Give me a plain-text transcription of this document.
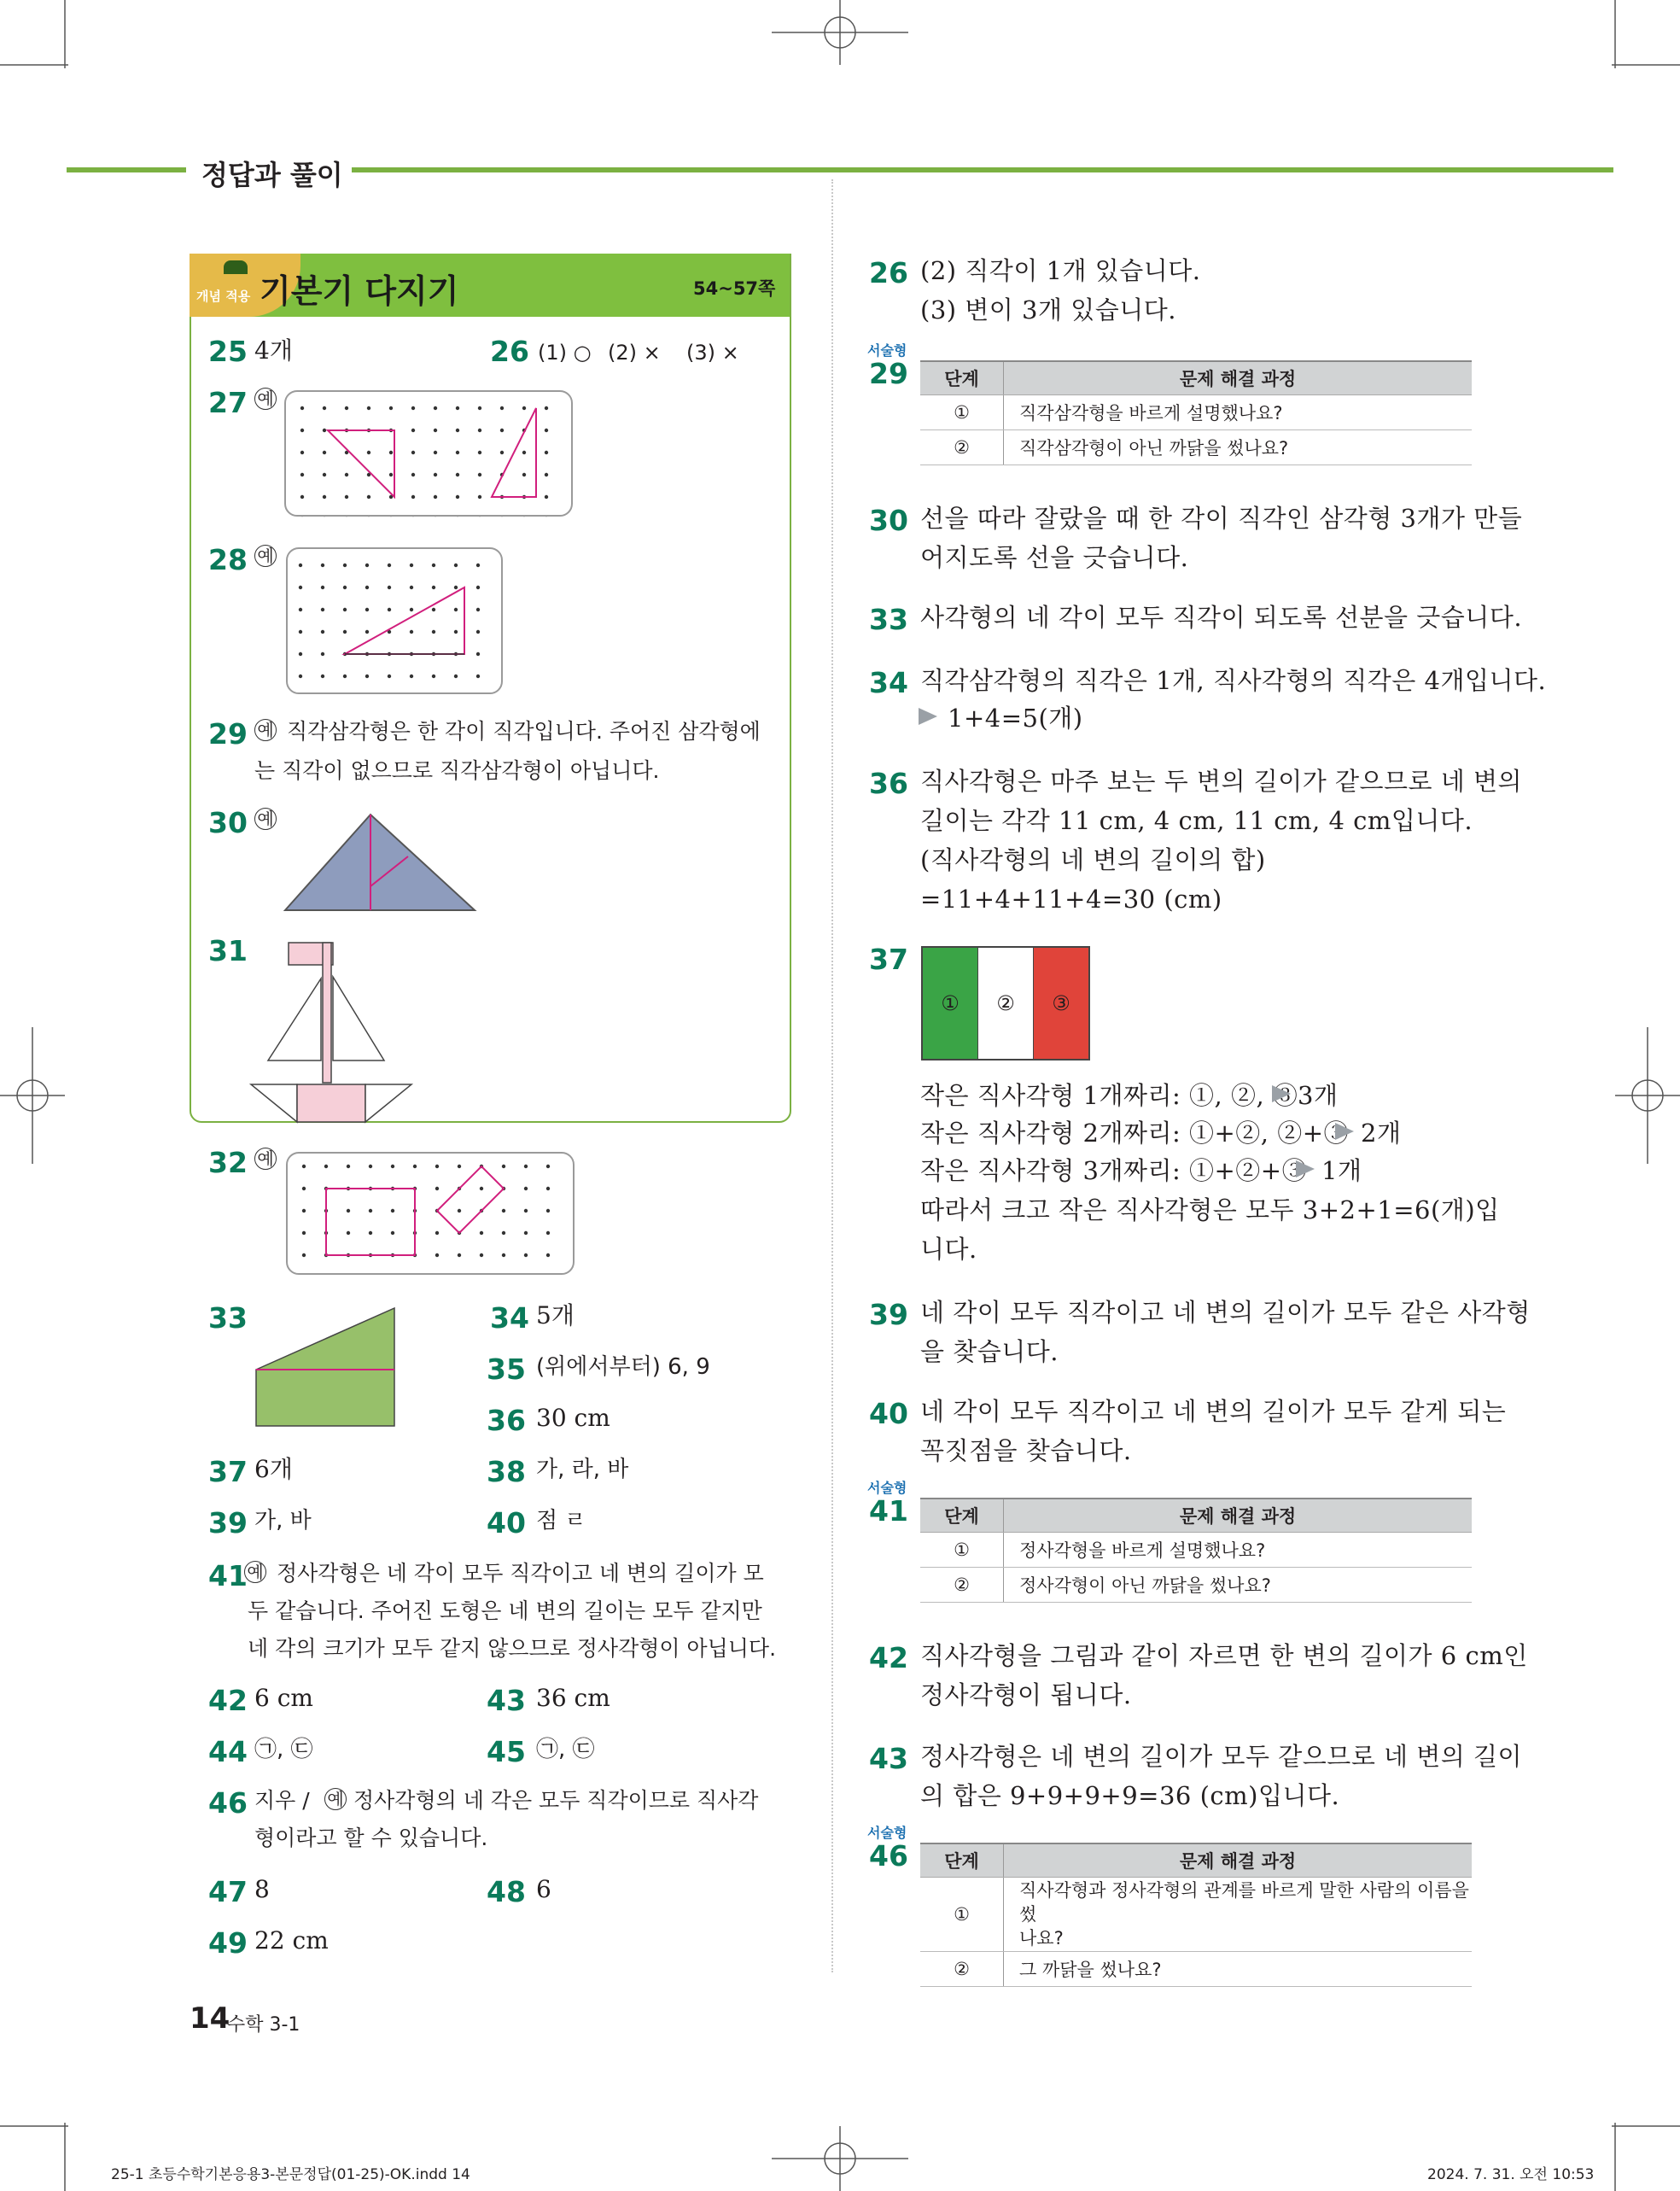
정답과 풀이
개념 적용 기본기 다지기	54~57쪽
25 4개	26 (1) ○ (2) × (3) ×
27 예
28 예
29 예 직각삼각형은 한 각이 직각입니다. 주어진 삼각형에
는 직각이 없으므로 직각삼각형이 아닙니다.
30 예
31
32 예
33	34 5개
35 (위에서부터) 6, 9
36 30 cm
37 6개	38 가, 라, 바
39 가, 바	40 점 ㄹ
41 예 정사각형은 네 각이 모두 직각이고 네 변의 길이가 모
두 같습니다. 주어진 도형은 네 변의 길이는 모두 같지만
네 각의 크기가 모두 같지 않으므로 정사각형이 아닙니다.
42 6 cm	43 36 cm
44 ㉠, ㉢	45 ㉠, ㉢
46 지우 / 예 정사각형의 네 각은 모두 직각이므로 직사각
형이라고 할 수 있습니다.
47 8	48 6
49 22 cm
26 (2) 직각이 1개 있습니다.
(3) 변이 3개 있습니다.
서술형
29 단계	문제 해결 과정
①	직각삼각형을 바르게 설명했나요?
②	직각삼각형이 아닌 까닭을 썼나요?
30 선을 따라 잘랐을 때 한 각이 직각인 삼각형 3개가 만들
어지도록 선을 긋습니다.
33 사각형의 네 각이 모두 직각이 되도록 선분을 긋습니다.
34 직각삼각형의 직각은 1개, 직사각형의 직각은 4개입니다.
1+4=5(개)
36 직사각형은 마주 보는 두 변의 길이가 같으므로 네 변의
길이는 각각 11 cm, 4 cm, 11 cm, 4 cm입니다.
(직사각형의 네 변의 길이의 합)
=11+4+11+4=30 (cm)
37
①	②	③
작은 직사각형 1개짜리: ①, ②, ③ 3개
작은 직사각형 2개짜리: ①+②, ②+③ 2개
작은 직사각형 3개짜리: ①+②+③ 1개
따라서 크고 작은 직사각형은 모두 3+2+1=6(개)입
니다.
39 네 각이 모두 직각이고 네 변의 길이가 모두 같은 사각형
을 찾습니다.
40 네 각이 모두 직각이고 네 변의 길이가 모두 같게 되는
꼭짓점을 찾습니다.
서술형
41 단계	문제 해결 과정
①	정사각형을 바르게 설명했나요?
②	정사각형이 아닌 까닭을 썼나요?
42 직사각형을 그림과 같이 자르면 한 변의 길이가 6 cm인
정사각형이 됩니다.
43 정사각형은 네 변의 길이가 모두 같으므로 네 변의 길이
의 합은 9+9+9+9=36 (cm)입니다.
서술형
46 단계	문제 해결 과정
①	직사각형과 정사각형의 관계를 바르게 말한 사람의 이름을 썼
나요?
②	그 까닭을 썼나요?
14
수학 3-1
25-1 초등수학기본응용3-본문정답(01-25)-OK.indd 14	2024. 7. 31. 오전 10:53
